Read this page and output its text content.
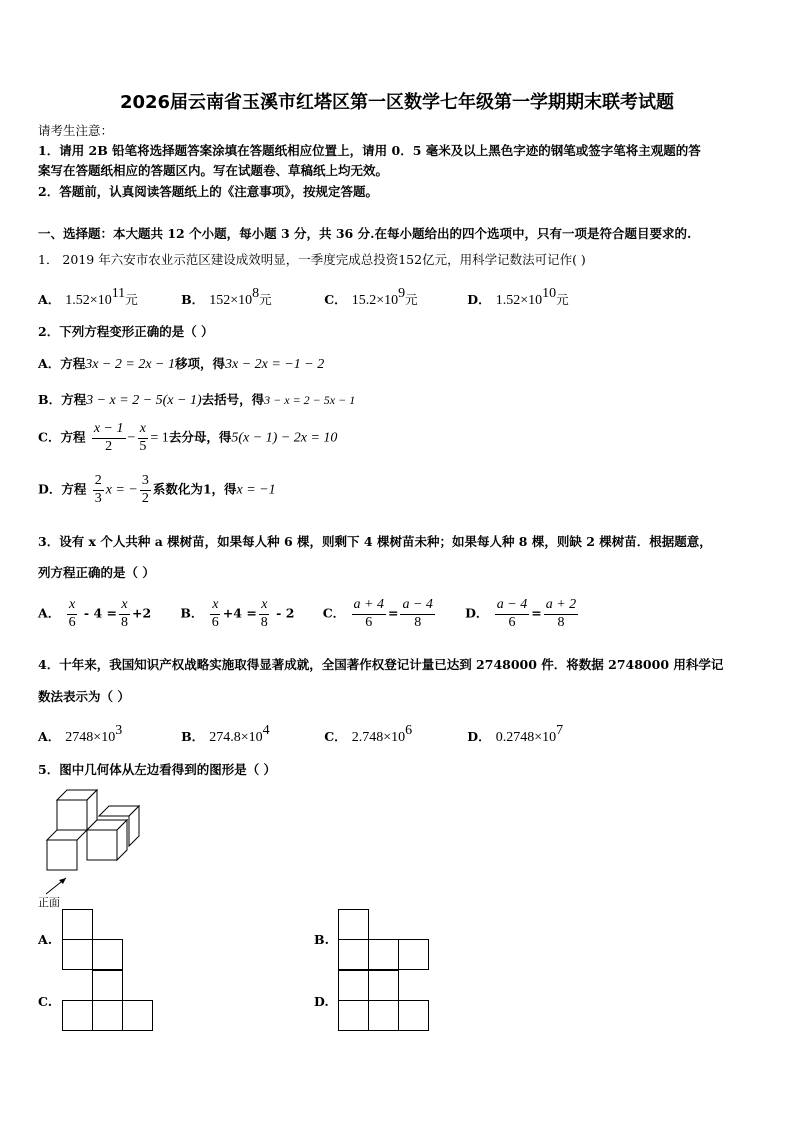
2026届云南省玉溪市红塔区第一区数学七年级第一学期期末联考试题
请考生注意：
1．请用 2B 铅笔将选择题答案涂填在答题纸相应位置上，请用 0．5 毫米及以上黑色字迹的钢笔或签字笔将主观题的答
案写在答题纸相应的答题区内。写在试题卷、草稿纸上均无效。
2．答题前，认真阅读答题纸上的《注意事项》，按规定答题。
一、选择题：本大题共 12 个小题，每小题 3 分，共 36 分.在每小题给出的四个选项中，只有一项是符合题目要求的.
1． 2019 年六安市农业示范区建设成效明显，一季度完成总投资152亿元，用科学记数法可记作( )
A． $1.52\times 10^{11}$元	B． $152\times 10^8$元	C． $15.2\times 10^9$元	D． $1.52\times 10^{10}$元
2．下列方程变形正确的是（ ）
A．方程3x − 2 = 2x − 1移项，得3x − 2x = −1 − 2
B．方程3 − x = 2 − 5(x − 1)去括号，得3 − x = 2 − 5x − 1
C．方程 $\frac{x - 1}{2} - \frac{x}{5} = 1$去分母，得5(x − 1) − 2x = 10
D．方程 $\frac{2}{3}$ x = − $\frac{3}{2}$ 系数化为1，得x = −1
3．设有 x 个人共种 a 棵树苗，如果每人种 6 棵，则剩下 4 棵树苗未种；如果每人种 8 棵，则缺 2 棵树苗．根据题意，
列方程正确的是（ ）
A． $\frac{x}{6} - 4 = \frac{x}{8} +2$ B． $\frac{x}{6} +4 = \frac{x}{8} - 2$ C． $\frac{a + 4}{6} = \frac{a - 4}{8}$ D． $\frac{a - 4}{6} = \frac{a + 2}{8}$
4．十年来，我国知识产权战略实施取得显著成就，全国著作权登记计量已达到 2748000 件．将数据 2748000 用科学记
数法表示为（ ）
A． $2748\times 10^3$	B． $274.8\times 10^4$	C． $2.748\times 10^6$	D． $0.2748\times 10^7$
5．图中几何体从左边看得到的图形是（ ）
正面
A.	B.
C.	D.
